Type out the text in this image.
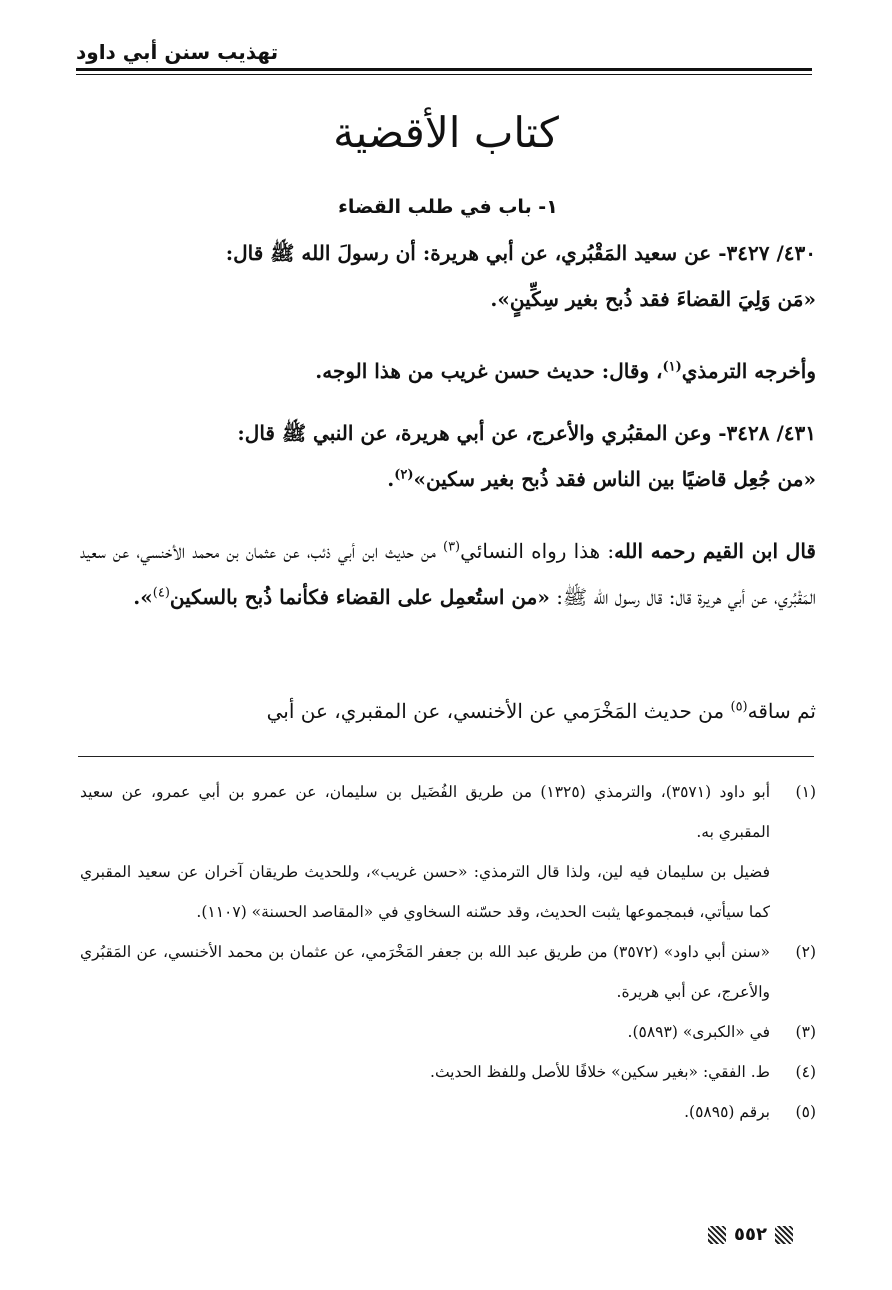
تهذيب سنن أبي داود
كتاب الأقضية
١- باب في طلب القضاء

٤٣٠/ ٣٤٢٧- عن سعيد المَقْبُري، عن أبي هريرة: أن رسولَ الله ﷺ قال:

«مَن وَلِيَ القضاءَ فقد ذُبح بغير سِكِّينٍ».

وأخرجه الترمذي$^{(١)}$، وقال: حديث حسن غريب من هذا الوجه.

٤٣١/ ٣٤٢٨- وعن المقبُري والأعرج، عن أبي هريرة، عن النبي ﷺ قال:

«من جُعِل قاضيًا بين الناس فقد ذُبح بغير سكين»$^{(٢)}$.

قال ابن القيم رحمه الله: هذا رواه النسائي$^{(٣)}$ من حديث ابن أبي ذئب، عن عثمان بن محمد الأخنسي، عن سعيد المَقْبُري، عن أبي هريرة قال: قال رسول الله ﷺ: «من استُعمِل على القضاء فكأنما ذُبح بالسكين$^{(٤)}$».

ثم ساقه$^{(٥)}$ من حديث المَخْرَمي عن الأخنسي، عن المقبري، عن أبي

(١)
أبو داود (٣٥٧١)، والترمذي (١٣٢٥) من طريق الفُضَيل بن سليمان، عن عمرو بن أبي عمرو، عن سعيد المقبري به.
فضيل بن سليمان فيه لين، ولذا قال الترمذي: «حسن غريب»، وللحديث طريقان آخران عن سعيد المقبري كما سيأتي، فبمجموعها يثبت الحديث، وقد حسّنه السخاوي في «المقاصد الحسنة» (١١٠٧).
(٢)
«سنن أبي داود» (٣٥٧٢) من طريق عبد الله بن جعفر المَخْرَمي، عن عثمان بن محمد الأخنسي، عن المَقبُري والأعرج، عن أبي هريرة.
(٣)
في «الكبرى» (٥٨٩٣).
(٤)
ط. الفقي: «بغير سكين» خلافًا للأصل وللفظ الحديث.
(٥)
برقم (٥٨٩٥).
٥٥٢
